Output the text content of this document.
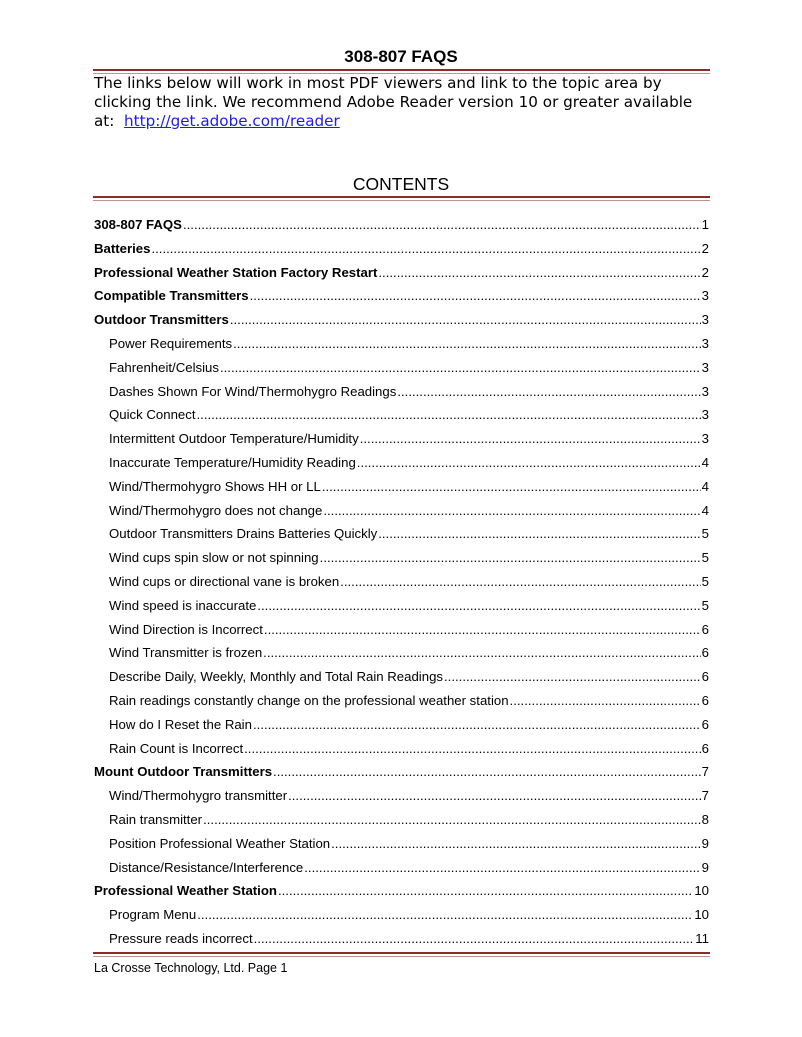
308-807 FAQS
The links below will work in most PDF viewers and link to the topic area by clicking the link. We recommend Adobe Reader version 10 or greater available at: http://get.adobe.com/reader
CONTENTS
308-807 FAQS .....	1
Batteries .....	2
Professional Weather Station Factory Restart .....	2
Compatible Transmitters .....	3
Outdoor Transmitters .....	3
Power Requirements .....	3
Fahrenheit/Celsius .....	3
Dashes Shown For Wind/Thermohygro Readings .....	3
Quick Connect .....	3
Intermittent Outdoor Temperature/Humidity .....	3
Inaccurate Temperature/Humidity Reading .....	4
Wind/Thermohygro Shows HH or LL .....	4
Wind/Thermohygro does not change .....	4
Outdoor Transmitters Drains Batteries Quickly .....	5
Wind cups spin slow or not spinning .....	5
Wind cups or directional vane is broken .....	5
Wind speed is inaccurate .....	5
Wind Direction is Incorrect .....	6
Wind Transmitter is frozen .....	6
Describe Daily, Weekly, Monthly and Total Rain Readings .....	6
Rain readings constantly change on the professional weather station .....	6
How do I Reset the Rain .....	6
Rain Count is Incorrect .....	6
Mount Outdoor Transmitters .....	7
Wind/Thermohygro transmitter .....	7
Rain transmitter .....	8
Position Professional Weather Station .....	9
Distance/Resistance/Interference .....	9
Professional Weather Station .....	10
Program Menu .....	10
Pressure reads incorrect .....	11
La Crosse Technology, Ltd. Page 1
